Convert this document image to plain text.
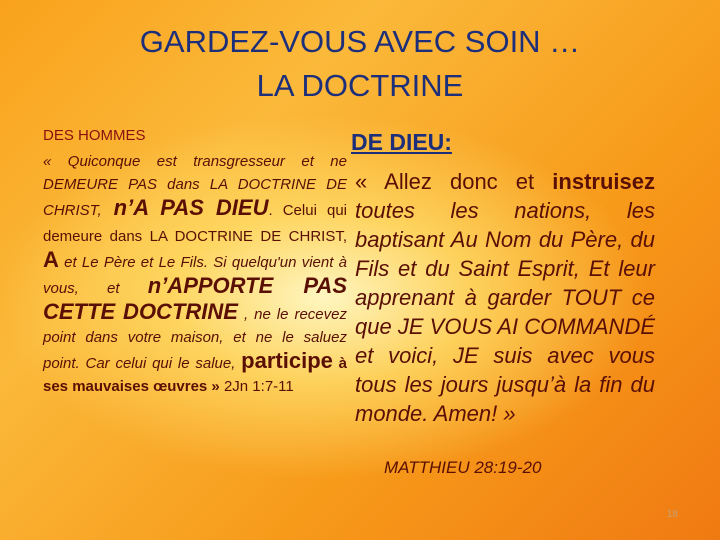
GARDEZ-VOUS AVEC SOIN …
LA DOCTRINE
DES HOMMES
« Quiconque est transgresseur et ne DEMEURE PAS dans LA DOCTRINE DE CHRIST, n’A PAS DIEU. Celui qui demeure dans LA DOCTRINE DE CHRIST, A et Le Père et Le Fils. Si quelqu'un vient à vous, et n’APPORTE PAS CETTE DOCTRINE , ne le recevez point dans votre maison, et ne le saluez point. Car celui qui le salue, participe à ses mauvaises œuvres » 2Jn 1:7-11
DE DIEU:
« Allez donc et instruisez toutes les nations, les baptisant Au Nom du Père, du Fils et du Saint Esprit, Et leur apprenant à garder TOUT ce que JE VOUS AI COMMANDÉ et voici, JE suis avec vous tous les jours jusqu’à la fin du monde. Amen! »
MATTHIEU 28:19-20
18
